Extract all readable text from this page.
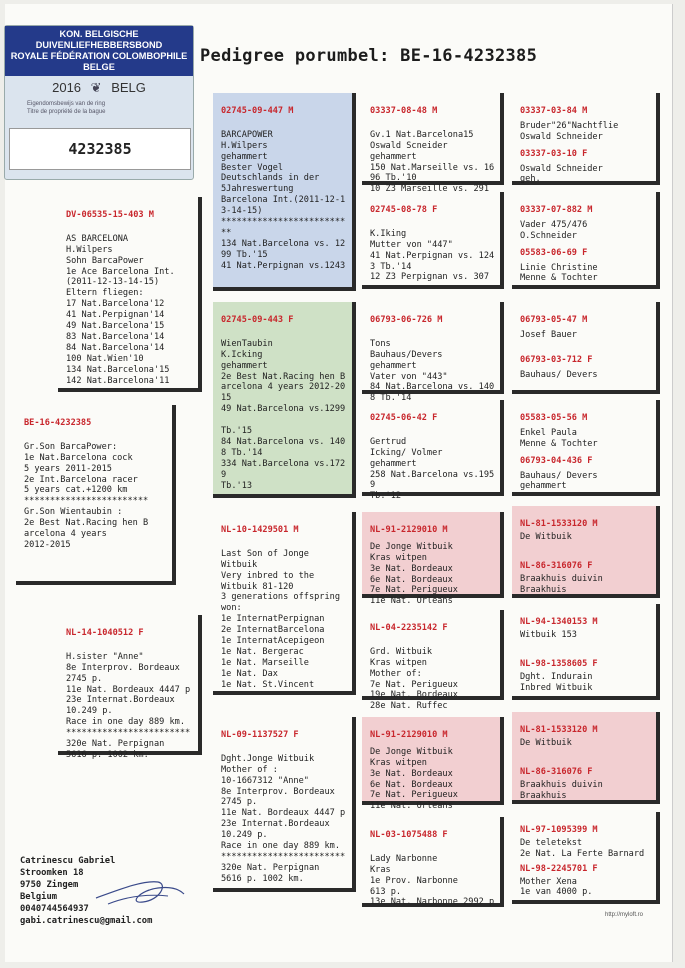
Pedigree porumbel: BE-16-4232385
KON. BELGISCHE DUIVENLIEFHEBBERSBOND
ROYALE FÉDÉRATION COLOMBOPHILE BELGE
2016 ❦ BELG
Eigendomsbewijs van de ring
Titre de propriété de la bague
4232385

BE-16-4232385
Gr.Son BarcaPower:
1e Nat.Barcelona cock
5 years 2011-2015
2e Int.Barcelona racer
5 years cat.+1200 km
************************
Gr.Son Wientaubin :
2e Best Nat.Racing hen B
arcelona 4 years
2012-2015

DV-06535-15-403 M
AS BARCELONA
H.Wilpers
Sohn BarcaPower
1e Ace Barcelona Int.
(2011-12-13-14-15)
Eltern fliegen:
17 Nat.Barcelona'12
41 Nat.Perpignan'14
49 Nat.Barcelona'15
83 Nat.Barcelona'14
84 Nat.Barcelona'14
100 Nat.Wien'10
134 Nat.Barcelona'15
142 Nat.Barcelona'11

NL-14-1040512 F
H.sister "Anne"
8e Interprov. Bordeaux
2745 p.
11e Nat. Bordeaux 4447 p
23e Internat.Bordeaux
10.249 p.
Race in one day 889 km.
************************
320e Nat. Perpignan
5616 p. 1002 km.

02745-09-447 M
BARCAPOWER
H.Wilpers
gehammert
Bester Vogel
Deutschlands in der
5Jahreswertung
Barcelona Int.(2011-12-1
3-14-15)
************************
**
134 Nat.Barcelona vs. 12
99 Tb.'15
41 Nat.Perpignan vs.1243

02745-09-443 F
WienTaubin
K.Icking
gehammert
2e Best Nat.Racing hen B
arcelona 4 years 2012-20
15
49 Nat.Barcelona vs.1299

Tb.'15
84 Nat.Barcelona vs. 140
8 Tb.'14
334 Nat.Barcelona vs.172
9
Tb.'13

NL-10-1429501 M
Last Son of Jonge
Witbuik
Very inbred to the
Witbuik 81-120
3 generations offspring
won:
1e InternatPerpignan
2e InternatBarcelona
1e InternatAcepigeon
1e Nat. Bergerac
1e Nat. Marseille
1e Nat. Dax
1e Nat. St.Vincent

NL-09-1137527 F
Dght.Jonge Witbuik
Mother of :
10-1667312 "Anne"
8e Interprov. Bordeaux
2745 p.
11e Nat. Bordeaux 4447 p
23e Internat.Bordeaux
10.249 p.
Race in one day 889 km.
************************
320e Nat. Perpignan
5616 p. 1002 km.

03337-08-48 M
Gv.1 Nat.Barcelona15
Oswald Scneider
gehammert
150 Nat.Marseille vs. 16
96 Tb.'10
10 Z3 Marseille vs. 291

02745-08-78 F
K.Iking
Mutter von "447"
41 Nat.Perpignan vs. 124
3 Tb.'14
12 Z3 Perpignan vs. 307

06793-06-726 M
Tons
Bauhaus/Devers
gehammert
Vater von "443"
84 Nat.Barcelona vs. 140
8 Tb.'14

02745-06-42 F
Gertrud
Icking/ Volmer
gehammert
258 Nat.Barcelona vs.195
9
Tb.'12

NL-91-2129010 M
De Jonge Witbuik
Kras witpen
3e Nat. Bordeaux
6e Nat. Bordeaux
7e Nat. Perigueux
11e Nat. Orleans

NL-04-2235142 F
Grd. Witbuik
Kras witpen
Mother of:
7e Nat. Perigueux
19e Nat. Bordeaux
28e Nat. Ruffec

NL-91-2129010 M
De Jonge Witbuik
Kras witpen
3e Nat. Bordeaux
6e Nat. Bordeaux
7e Nat. Perigueux
11e Nat. Orleans

NL-03-1075488 F
Lady Narbonne
Kras
1e Prov. Narbonne
613 p.
13e Nat. Narbonne 2992 p

03337-03-84 M
Bruder"26"Nachtflie
Oswald Schneider

03337-03-10 F
Oswald Schneider
geh.

03337-07-882 M
Vader 475/476
O.Schneider

05583-06-69 F
Linie Christine
Menne & Tochter

06793-05-47 M
Josef Bauer

06793-03-712 F
Bauhaus/ Devers

05583-05-56 M
Enkel Paula
Menne & Tochter

06793-04-436 F
Bauhaus/ Devers
gehammert

NL-81-1533120 M
De Witbuik

NL-86-316076 F
Braakhuis duivin
Braakhuis

NL-94-1340153 M
Witbuik 153

NL-98-1358605 F
Dght. Indurain
Inbred Witbuik

NL-81-1533120 M
De Witbuik

NL-86-316076 F
Braakhuis duivin
Braakhuis

NL-97-1095399 M
De teletekst
2e Nat. La Ferte Barnard

NL-98-2245701 F
Mother Xena
1e van 4000 p.
Catrinescu Gabriel
Stroomken 18
9750 Zingem
Belgium
0040744564937
gabi.catrinescu@gmail.com
http://myloft.ro
